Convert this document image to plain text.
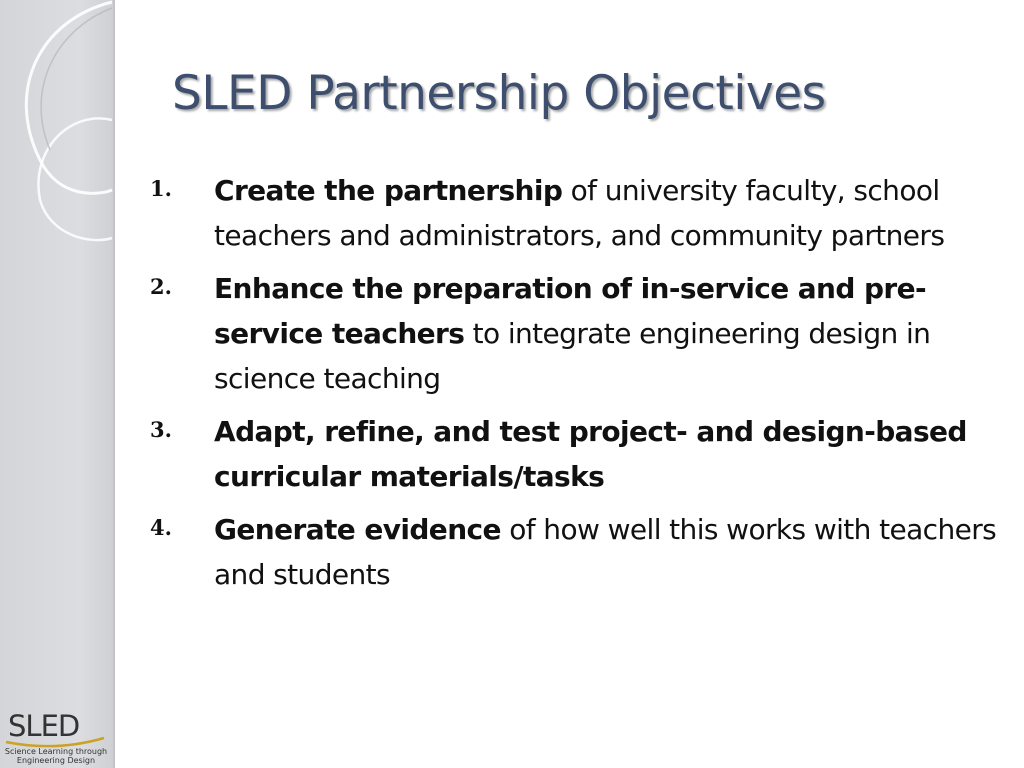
SLED Partnership Objectives
1.	Create the partnership of university faculty, school teachers and administrators, and community partners
2.	Enhance the preparation of in-service and pre-service teachers to integrate engineering design in science teaching
3.	Adapt, refine, and test project- and design-based curricular materials/tasks
4.	Generate evidence of how well this works with teachers and students
SLED
Science Learning through
Engineering Design
